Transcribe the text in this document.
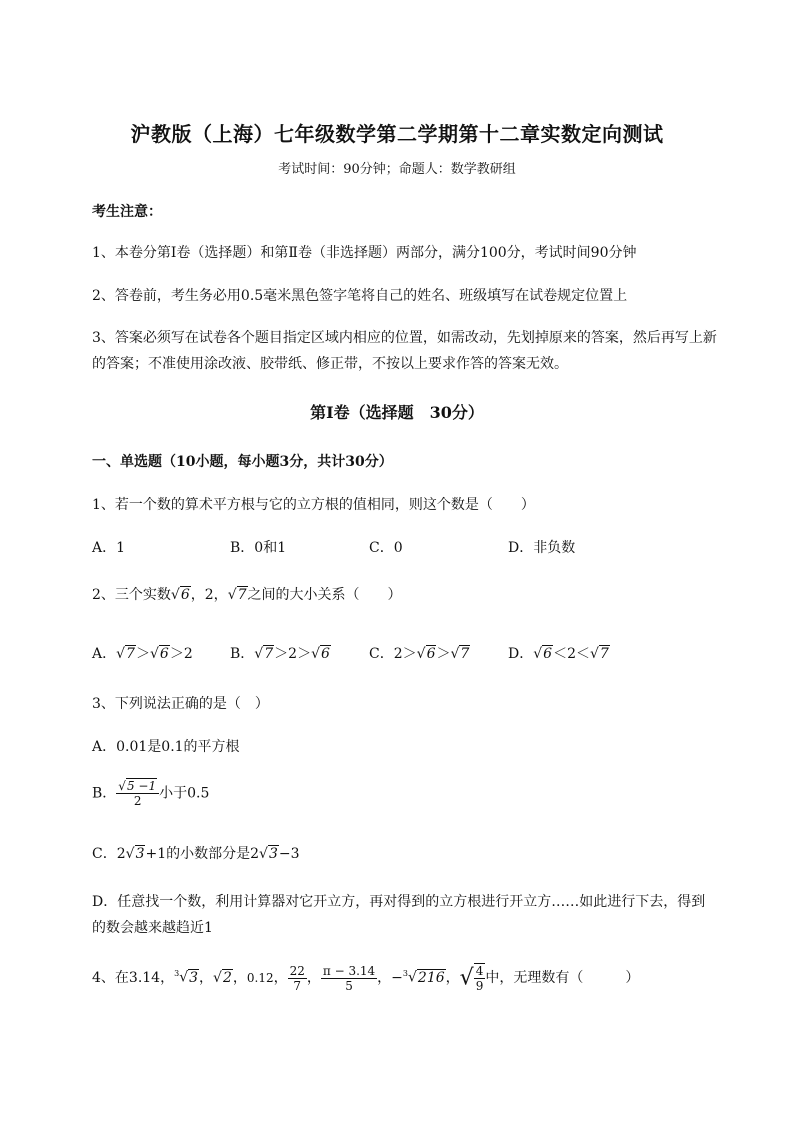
沪教版（上海）七年级数学第二学期第十二章实数定向测试
考试时间：90分钟；命题人：数学教研组
考生注意：
1、本卷分第Ⅰ卷（选择题）和第Ⅱ卷（非选择题）两部分，满分100分，考试时间90分钟
2、答卷前，考生务必用0.5毫米黑色签字笔将自己的姓名、班级填写在试卷规定位置上
3、答案必须写在试卷各个题目指定区域内相应的位置，如需改动，先划掉原来的答案，然后再写上新
的答案；不准使用涂改液、胶带纸、修正带，不按以上要求作答的答案无效。
第Ⅰ卷（选择题　30分）
一、单选题（10小题，每小题3分，共计30分）
1、若一个数的算术平方根与它的立方根的值相同，则这个数是（　　）
A．1	B．0和1	C．0	D．非负数
2、三个实数√6，2，√7之间的大小关系（　　）
A．√7＞√6＞2	B．√7＞2＞√6	C．2＞√6＞√7	D．√6＜2＜√7
3、下列说法正确的是（　）
A．0.01是0.1的平方根
B． $\frac{√5 -1}{2}$ 小于0.5
C．2√3+1的小数部分是2√3−3
D．任意找一个数，利用计算器对它开立方，再对得到的立方根进行开立方……如此进行下去，得到
的数会越来越趋近1
4、在3.14，$^3$√3，√2，0.12， $\frac{22}{7}$ ， $\frac{\pi - 3.14}{5}$ ，−$^3$√216，√ $\frac{4}{9}$ 中，无理数有（　　　）
